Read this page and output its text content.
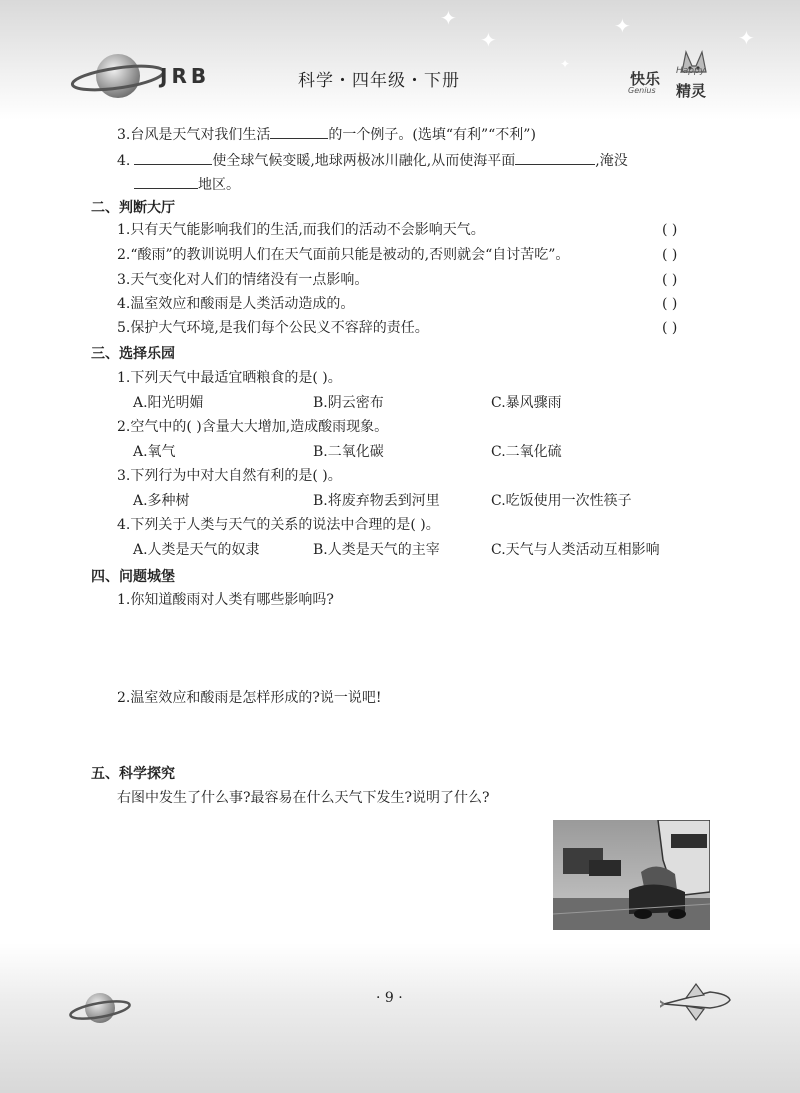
✦
✦
✦	✦
✦
JRB	科学・四年级・下册	快乐 Happy
Genius 精灵
3.台风是天气对我们生活	的一个例子。(选填“有利”“不利”)
4.	使全球气候变暖,地球两极冰川融化,从而使海平面	,淹没
地区。
二、判断大厅
1.只有天气能影响我们的生活,而我们的活动不会影响天气。	( )
2.“酸雨”的教训说明人们在天气面前只能是被动的,否则就会“自讨苦吃”。	( )
3.天气变化对人们的情绪没有一点影响。	( )
4.温室效应和酸雨是人类活动造成的。	( )
5.保护大气环境,是我们每个公民义不容辞的责任。	( )
三、选择乐园
1.下列天气中最适宜晒粮食的是( )。
A.阳光明媚	B.阴云密布	C.暴风骤雨
2.空气中的( )含量大大增加,造成酸雨现象。
A.氧气	B.二氧化碳	C.二氧化硫
3.下列行为中对大自然有利的是( )。
A.多种树	B.将废弃物丢到河里	C.吃饭使用一次性筷子
4.下列关于人类与天气的关系的说法中合理的是( )。
A.人类是天气的奴隶	B.人类是天气的主宰	C.天气与人类活动互相影响
四、问题城堡
1.你知道酸雨对人类有哪些影响吗?
2.温室效应和酸雨是怎样形成的?说一说吧!
五、科学探究
右图中发生了什么事?最容易在什么天气下发生?说明了什么?
· 9 ·
